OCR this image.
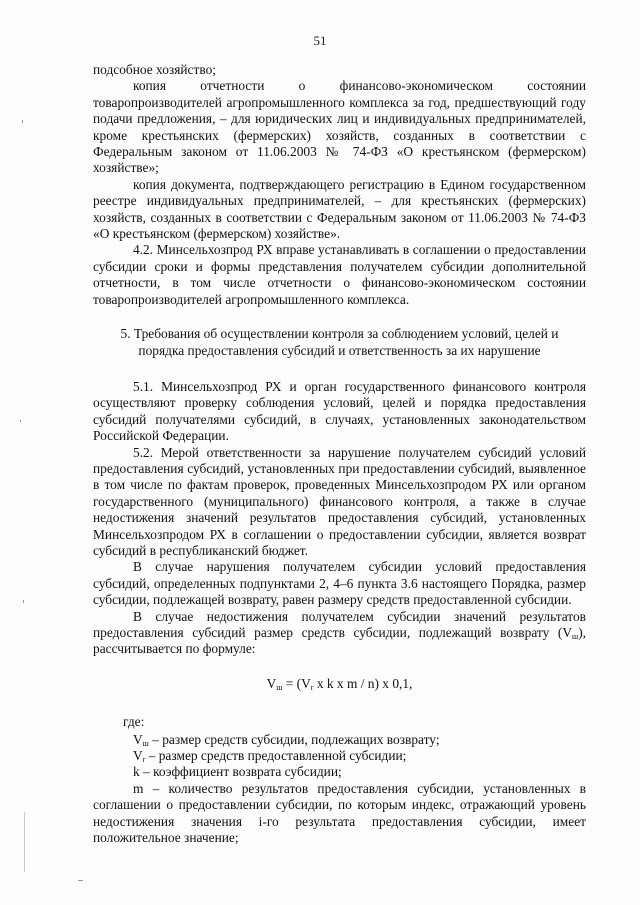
51

подсобное хозяйство;

копия отчетности о финансово-экономическом состоянии товаропроизводителей агропромышленного комплекса за год, предшествующий году подачи предложения, – для юридических лиц и индивидуальных предпринимателей, кроме крестьянских (фермерских) хозяйств, созданных в соответствии с Федеральным законом от 11.06.2003 № 74-ФЗ «О крестьянском (фермерском) хозяйстве»;

копия документа, подтверждающего регистрацию в Едином государственном реестре индивидуальных предпринимателей, – для крестьянских (фермерских) хозяйств, созданных в соответствии с Федеральным законом от 11.06.2003 № 74-ФЗ «О крестьянском (фермерском) хозяйстве».

4.2. Минсельхозпрод РХ вправе устанавливать в соглашении о предоставлении субсидии сроки и формы представления получателем субсидии дополнительной отчетности, в том числе отчетности о финансово-экономическом состоянии товаропроизводителей агропромышленного комплекса.

5. Требования об осуществлении контроля за соблюдением условий, целей и порядка предоставления субсидий и ответственность за их нарушение

5.1. Минсельхозпрод РХ и орган государственного финансового контроля осуществляют проверку соблюдения условий, целей и порядка предоставления субсидий получателями субсидий, в случаях, установленных законодательством Российской Федерации.

5.2. Мерой ответственности за нарушение получателем субсидий условий предоставления субсидий, установленных при предоставлении субсидий, выявленное в том числе по фактам проверок, проведенных Минсельхозпродом РХ или органом государственного (муниципального) финансового контроля, а также в случае недостижения значений результатов предоставления субсидий, установленных Минсельхозпродом РХ в соглашении о предоставлении субсидии, является возврат субсидий в республиканский бюджет.

В случае нарушения получателем субсидии условий предоставления субсидий, определенных подпунктами 2, 4–6 пункта 3.6 настоящего Порядка, размер субсидии, подлежащей возврату, равен размеру средств предоставленной субсидии.

В случае недостижения получателем субсидии значений результатов предоставления субсидий размер средств субсидии, подлежащий возврату $(V_ш)$, рассчитывается по формуле:

$V_ш = (V_r$ x k x m / n) x 0,1,

где:

$V_ш$ – размер средств субсидии, подлежащих возврату;

$V_r$ – размер средств предоставленной субсидии;

k – коэффициент возврата субсидии;

m – количество результатов предоставления субсидии, установленных в соглашении о предоставлении субсидии, по которым индекс, отражающий уровень недостижения значения i-го результата предоставления субсидии, имеет положительное значение;
